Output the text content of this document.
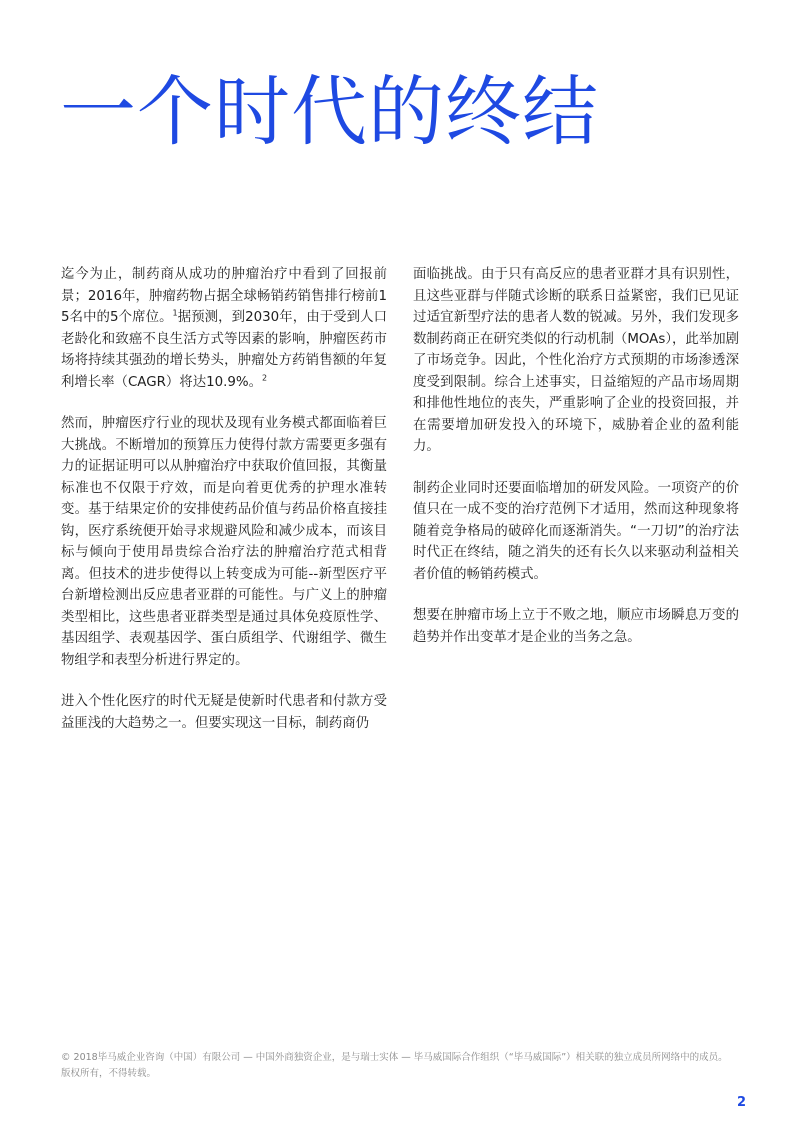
一个时代的终结

迄今为止，制药商从成功的肿瘤治疗中看到了回报前景；2016年，肿瘤药物占据全球畅销药销售排行榜前15名中的5个席位。$^1$据预测，到2030年，由于受到人口老龄化和致癌不良生活方式等因素的影响，肿瘤医药市场将持续其强劲的增长势头，肿瘤处方药销售额的年复利增长率（CAGR）将达10.9%。$^2$

然而，肿瘤医疗行业的现状及现有业务模式都面临着巨大挑战。不断增加的预算压力使得付款方需要更多强有力的证据证明可以从肿瘤治疗中获取价值回报，其衡量标准也不仅限于疗效，而是向着更优秀的护理水准转变。基于结果定价的安排使药品价值与药品价格直接挂钩，医疗系统便开始寻求规避风险和减少成本，而该目标与倾向于使用昂贵综合治疗法的肿瘤治疗范式相背离。但技术的进步使得以上转变成为可能--新型医疗平台新增检测出反应患者亚群的可能性。与广义上的肿瘤类型相比，这些患者亚群类型是通过具体免疫原性学、基因组学、表观基因学、蛋白质组学、代谢组学、微生物组学和表型分析进行界定的。

进入个性化医疗的时代无疑是使新时代患者和付款方受益匪浅的大趋势之一。但要实现这一目标，制药商仍

面临挑战。由于只有高反应的患者亚群才具有识别性，且这些亚群与伴随式诊断的联系日益紧密，我们已见证过适宜新型疗法的患者人数的锐减。另外，我们发现多数制药商正在研究类似的行动机制（MOAs），此举加剧了市场竞争。因此，个性化治疗方式预期的市场渗透深度受到限制。综合上述事实，日益缩短的产品市场周期和排他性地位的丧失，严重影响了企业的投资回报，并在需要增加研发投入的环境下，威胁着企业的盈利能力。

制药企业同时还要面临增加的研发风险。一项资产的价值只在一成不变的治疗范例下才适用，然而这种现象将随着竞争格局的破碎化而逐渐消失。“一刀切”的治疗法时代正在终结，随之消失的还有长久以来驱动利益相关者价值的畅销药模式。

想要在肿瘤市场上立于不败之地，顺应市场瞬息万变的趋势并作出变革才是企业的当务之急。

© 2018毕马威企业咨询（中国）有限公司 — 中国外商独资企业，是与瑞士实体 — 毕马威国际合作组织（“毕马威国际”）相关联的独立成员所网络中的成员。
版权所有，不得转载。
2
